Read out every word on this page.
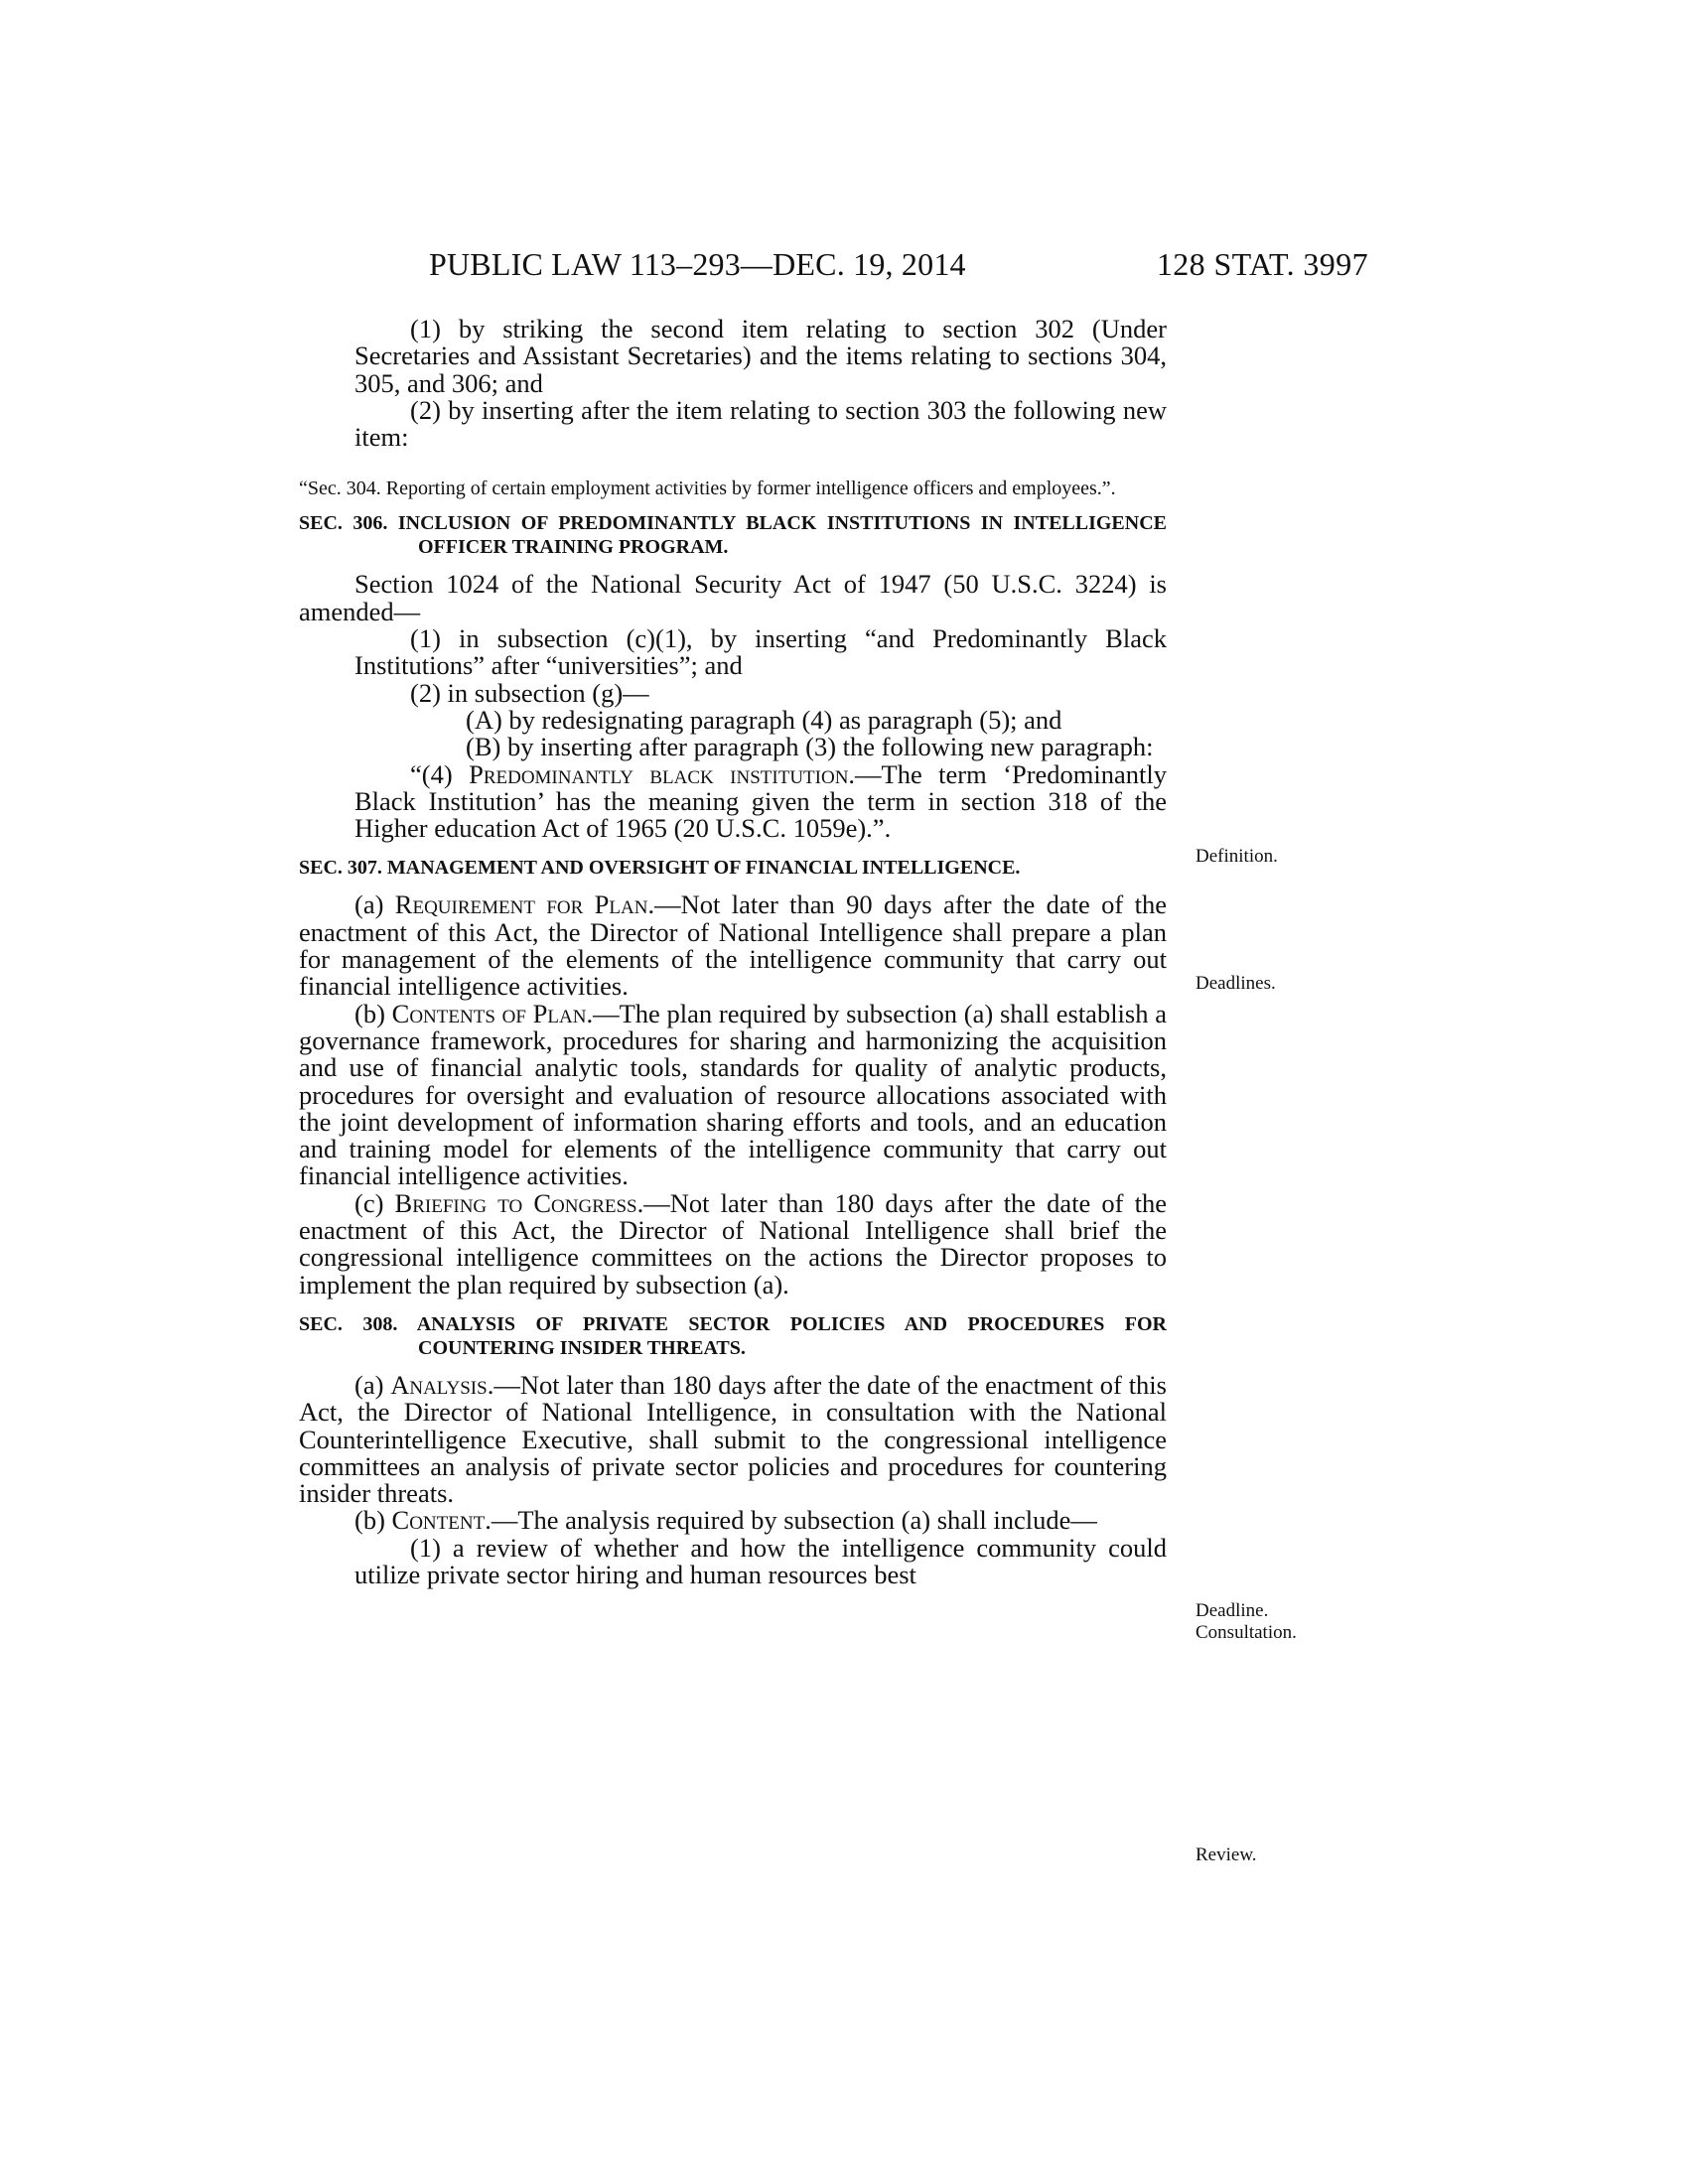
PUBLIC LAW 113–293—DEC. 19, 2014	128 STAT. 3997

(1) by striking the second item relating to section 302 (Under Secretaries and Assistant Secretaries) and the items relating to sections 304, 305, and 306; and

(2) by inserting after the item relating to section 303 the following new item:

“Sec. 304. Reporting of certain employment activities by former intelligence officers and employees.”.

SEC. 306. INCLUSION OF PREDOMINANTLY BLACK INSTITUTIONS IN INTELLIGENCE OFFICER TRAINING PROGRAM.

Section 1024 of the National Security Act of 1947 (50 U.S.C. 3224) is amended—

(1) in subsection (c)(1), by inserting “and Predominantly Black Institutions” after “universities”; and

(2) in subsection (g)—

(A) by redesignating paragraph (4) as paragraph (5); and

(B) by inserting after paragraph (3) the following new paragraph:

“(4) Predominantly black institution.—The term ‘Predominantly Black Institution’ has the meaning given the term in section 318 of the Higher education Act of 1965 (20 U.S.C. 1059e).”.

SEC. 307. MANAGEMENT AND OVERSIGHT OF FINANCIAL INTELLIGENCE.

(a) Requirement for Plan.—Not later than 90 days after the date of the enactment of this Act, the Director of National Intelligence shall prepare a plan for management of the elements of the intelligence community that carry out financial intelligence activities.

(b) Contents of Plan.—The plan required by subsection (a) shall establish a governance framework, procedures for sharing and harmonizing the acquisition and use of financial analytic tools, standards for quality of analytic products, procedures for oversight and evaluation of resource allocations associated with the joint development of information sharing efforts and tools, and an education and training model for elements of the intelligence community that carry out financial intelligence activities.

(c) Briefing to Congress.—Not later than 180 days after the date of the enactment of this Act, the Director of National Intelligence shall brief the congressional intelligence committees on the actions the Director proposes to implement the plan required by subsection (a).

SEC. 308. ANALYSIS OF PRIVATE SECTOR POLICIES AND PROCEDURES FOR COUNTERING INSIDER THREATS.

(a) Analysis.—Not later than 180 days after the date of the enactment of this Act, the Director of National Intelligence, in consultation with the National Counterintelligence Executive, shall submit to the congressional intelligence committees an analysis of private sector policies and procedures for countering insider threats.

(b) Content.—The analysis required by subsection (a) shall include—

(1) a review of whether and how the intelligence community could utilize private sector hiring and human resources best

Definition.
Deadlines.
Deadline.
Consultation.
Review.
